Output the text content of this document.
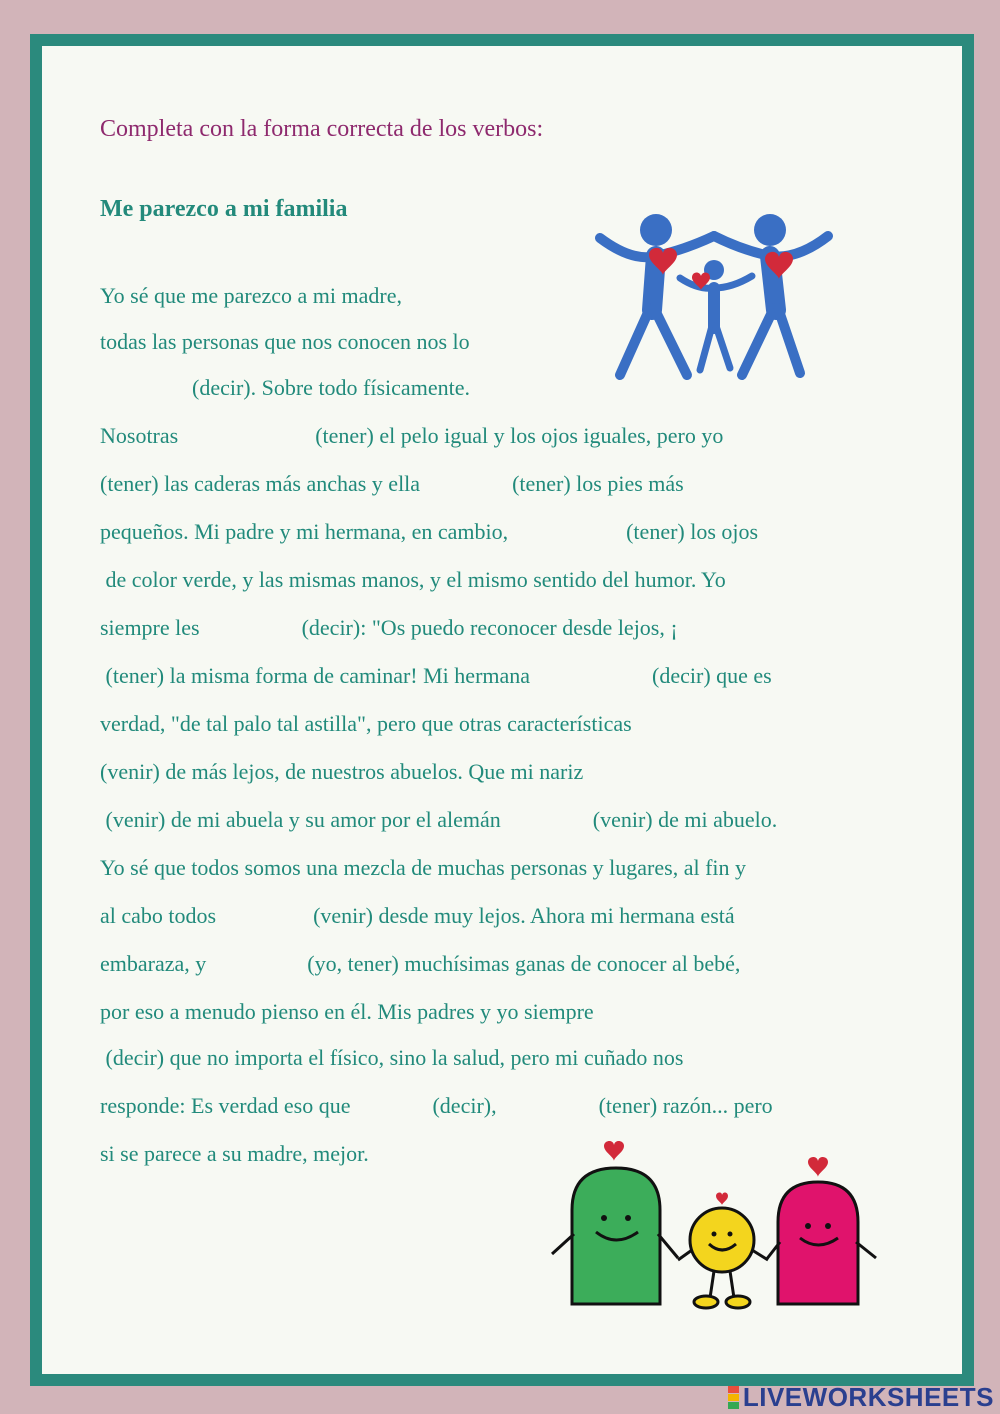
Completa con la forma correcta de los verbos:
Me parezco a mi familia

Yo sé que me parezco a mi madre,

todas las personas que nos conocen nos lo

(decir). Sobre todo físicamente.

Nosotras	(tener) el pelo igual y los ojos iguales, pero yo

(tener) las caderas más anchas y ella	(tener) los pies más

pequeños. Mi padre y mi hermana, en cambio,	(tener) los ojos

de color verde, y las mismas manos, y el mismo sentido del humor. Yo

siempre les	(decir): "Os puedo reconocer desde lejos, ¡

(tener) la misma forma de caminar! Mi hermana	(decir) que es

verdad, "de tal palo tal astilla", pero que otras características

(venir) de más lejos, de nuestros abuelos. Que mi nariz

(venir) de mi abuela y su amor por el alemán	(venir) de mi abuelo.

Yo sé que todos somos una mezcla de muchas personas y lugares, al fin y

al cabo todos	(venir) desde muy lejos. Ahora mi hermana está

embaraza, y	(yo, tener) muchísimas ganas de conocer al bebé,

por eso a menudo pienso en él. Mis padres y yo siempre

(decir) que no importa el físico, sino la salud, pero mi cuñado nos

responde: Es verdad eso que	(decir),	(tener) razón... pero

si se parece a su madre, mejor.

LIVEWORKSHEETS
